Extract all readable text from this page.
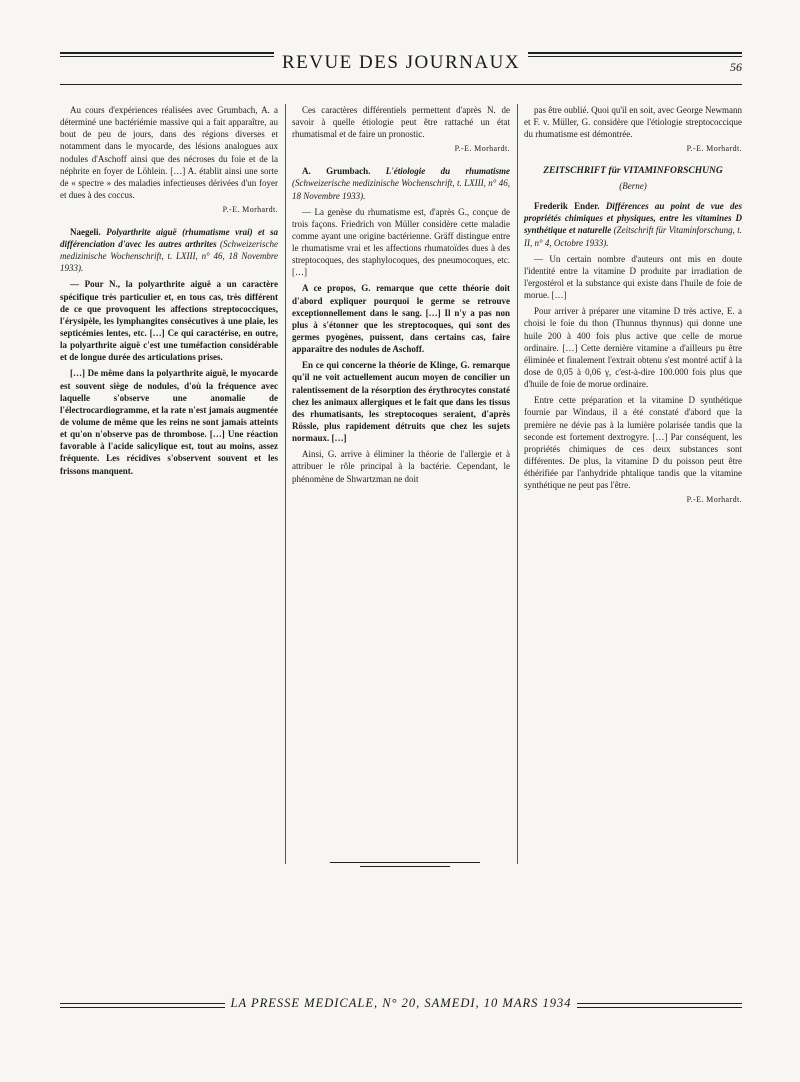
REVUE DES JOURNAUX	56

Au cours d'expériences réalisées avec Grumbach, A. a déterminé une bactériémie massive qui a fait apparaître, au bout de peu de jours, dans des régions diverses et notamment dans le myocarde, des lésions analogues aux nodules d'Aschoff ainsi que des nécroses du foie et de la néphrite en foyer de Löhlein. […] A. établit ainsi une sorte de « spectre » des maladies infectieuses dérivées d'un foyer et dues à des coccus.

P.-E. Morhardt.
Naegeli. Polyarthrite aiguë (rhumatisme vrai) et sa différenciation d'avec les autres arthrites (Schweizerische medizinische Wochenschrift, t. LXIII, n° 46, 18 Novembre 1933).

— Pour N., la polyarthrite aiguë a un caractère spécifique très particulier et, en tous cas, très différent de ce que provoquent les affections streptococciques, l'érysipèle, les lymphangites consécutives à une plaie, les septicémies lentes, etc. […] Ce qui caractérise, en outre, la polyarthrite aiguë c'est une tuméfaction considérable et de longue durée des articulations prises.

[…] De même dans la polyarthrite aiguë, le myocarde est souvent siège de nodules, d'où la fréquence avec laquelle s'observe une anomalie de l'électrocardiogramme, et la rate n'est jamais augmentée de volume de même que les reins ne sont jamais atteints et qu'on n'observe pas de thrombose. […] Une réaction favorable à l'acide salicylique est, tout au moins, assez fréquente. Les récidives s'observent souvent et les frissons manquent.

Ces caractères différentiels permettent d'après N. de savoir à quelle étiologie peut être rattaché un état rhumatismal et de faire un pronostic.

P.-E. Morhardt.
A. Grumbach. L'étiologie du rhumatisme (Schweizerische medizinische Wochenschrift, t. LXIII, n° 46, 18 Novembre 1933).

— La genèse du rhumatisme est, d'après G., conçue de trois façons. Friedrich von Müller considère cette maladie comme ayant une origine bactérienne. Gräff distingue entre le rhumatisme vrai et les affections rhumatoïdes dues à des streptocoques, des staphylocoques, des pneumocoques, etc. […]

A ce propos, G. remarque que cette théorie doit d'abord expliquer pourquoi le germe se retrouve exceptionnellement dans le sang. […] Il n'y a pas non plus à s'étonner que les streptocoques, qui sont des germes pyogènes, puissent, dans certains cas, faire apparaître des nodules de Aschoff.

En ce qui concerne la théorie de Klinge, G. remarque qu'il ne voit actuellement aucun moyen de concilier un ralentissement de la résorption des érythrocytes constaté chez les animaux allergiques et le fait que dans les tissus des rhumatisants, les streptocoques seraient, d'après Rössle, plus rapidement détruits que chez les sujets normaux. […]

Ainsi, G. arrive à éliminer la théorie de l'allergie et à attribuer le rôle principal à la bactérie. Cependant, le phénomène de Shwartzman ne doit

pas être oublié. Quoi qu'il en soit, avec George Newmann et F. v. Müller, G. considère que l'étiologie streptococcique du rhumatisme est démontrée.

P.-E. Morhardt.
ZEITSCHRIFT für VITAMINFORSCHUNG
(Berne)
Frederik Ender. Différences au point de vue des propriétés chimiques et physiques, entre les vitamines D synthétique et naturelle (Zeitschrift für Vitaminforschung, t. II, n° 4, Octobre 1933).

— Un certain nombre d'auteurs ont mis en doute l'identité entre la vitamine D produite par irradiation de l'ergostérol et la substance qui existe dans l'huile de foie de morue. […]

Pour arriver à préparer une vitamine D très active, E. a choisi le foie du thon (Thunnus thynnus) qui donne une huile 200 à 400 fois plus active que celle de morue ordinaire. […] Cette dernière vitamine a d'ailleurs pu être éliminée et finalement l'extrait obtenu s'est montré actif à la dose de 0,05 à 0,06 γ, c'est-à-dire 100.000 fois plus que d'huile de foie de morue ordinaire.

Entre cette préparation et la vitamine D synthétique fournie par Windaus, il a été constaté d'abord que la première ne dévie pas à la lumière polarisée tandis que la seconde est fortement dextrogyre. […] Par conséquent, les propriétés chimiques de ces deux substances sont différentes. De plus, la vitamine D du poisson peut être éthérifiée par l'anhydride phtalique tandis que la vitamine synthétique ne peut pas l'être.

P.-E. Morhardt.
LA PRESSE MEDICALE, N° 20, SAMEDI, 10 MARS 1934
